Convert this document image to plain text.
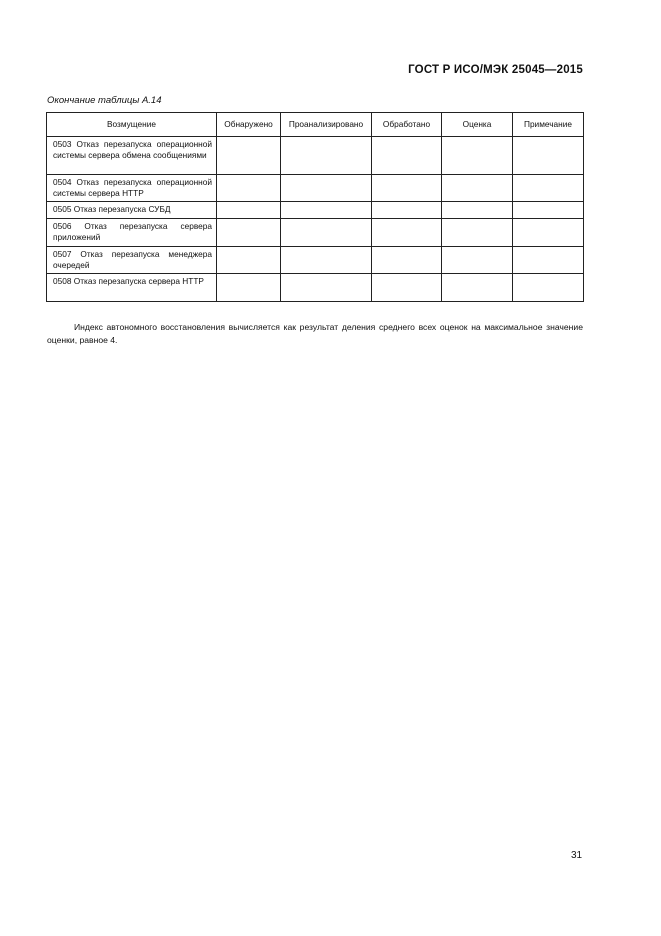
ГОСТ Р ИСО/МЭК 25045—2015
Окончание таблицы А.14
Возмущение	Обнаружено	Проанализировано	Обработано	Оценка	Примечание
0503 Отказ перезапуска операционной системы сервера обмена сообщениями					
0504 Отказ перезапуска операционной системы сервера НТТР					
0505 Отказ перезапуска СУБД					
0506 Отказ перезапуска сервера приложений					
0507 Отказ перезапуска менеджера очередей					
0508 Отказ перезапуска сервера НТТР					

Индекс автономного восстановления вычисляется как результат деления среднего всех оценок на максимальное значение оценки, равное 4.

31
